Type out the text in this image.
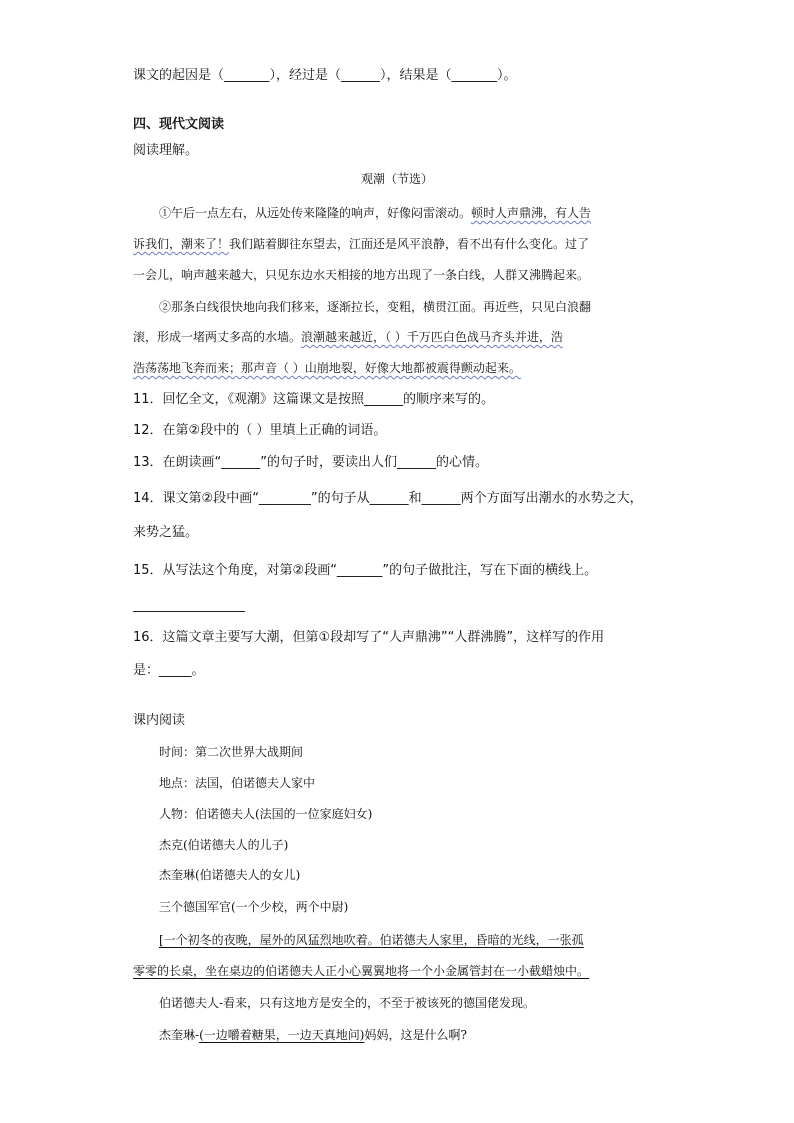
课文的起因是（_______），经过是（______），结果是（_______）。
四、现代文阅读
阅读理解。
观潮（节选）
①午后一点左右，从远处传来隆隆的响声，好像闷雷滚动。顿时人声鼎沸，有人告
诉我们，潮来了！我们踮着脚往东望去，江面还是风平浪静，看不出有什么变化。过了
一会儿，响声越来越大，只见东边水天相接的地方出现了一条白线，人群又沸腾起来。
②那条白线很快地向我们移来，逐渐拉长，变粗，横贯江面。再近些，只见白浪翻
滚，形成一堵两丈多高的水墙。浪潮越来越近，（ ）千万匹白色战马齐头并进，浩
浩荡荡地飞奔而来；那声音（ ）山崩地裂，好像大地都被震得颤动起来。
11．回忆全文，《观潮》这篇课文是按照______的顺序来写的。
12．在第②段中的（ ）里填上正确的词语。
13．在朗读画“______”的句子时，要读出人们______的心情。
14．课文第②段中画“________”的句子从______和______两个方面写出潮水的水势之大，
来势之猛。
15．从写法这个角度，对第②段画“_______”的句子做批注，写在下面的横线上。
16．这篇文章主要写大潮，但第①段却写了“人声鼎沸”“人群沸腾”，这样写的作用
是：_____。
课内阅读
时间：第二次世界大战期间
地点：法国，伯诺德夫人家中
人物：伯诺德夫人(法国的一位家庭妇女)
杰克(伯诺德夫人的儿子)
杰奎琳(伯诺德夫人的女儿)
三个德国军官(一个少校，两个中尉)
[一个初冬的夜晚，屋外的风猛烈地吹着。伯诺德夫人家里，昏暗的光线，一张孤
零零的长桌，坐在桌边的伯诺德夫人正小心翼翼地将一个小金属管封在一小截蜡烛中。
伯诺德夫人-看来，只有这地方是安全的，不至于被该死的德国佬发现。
杰奎琳-(一边嚼着糖果，一边天真地问)妈妈，这是什么啊?
